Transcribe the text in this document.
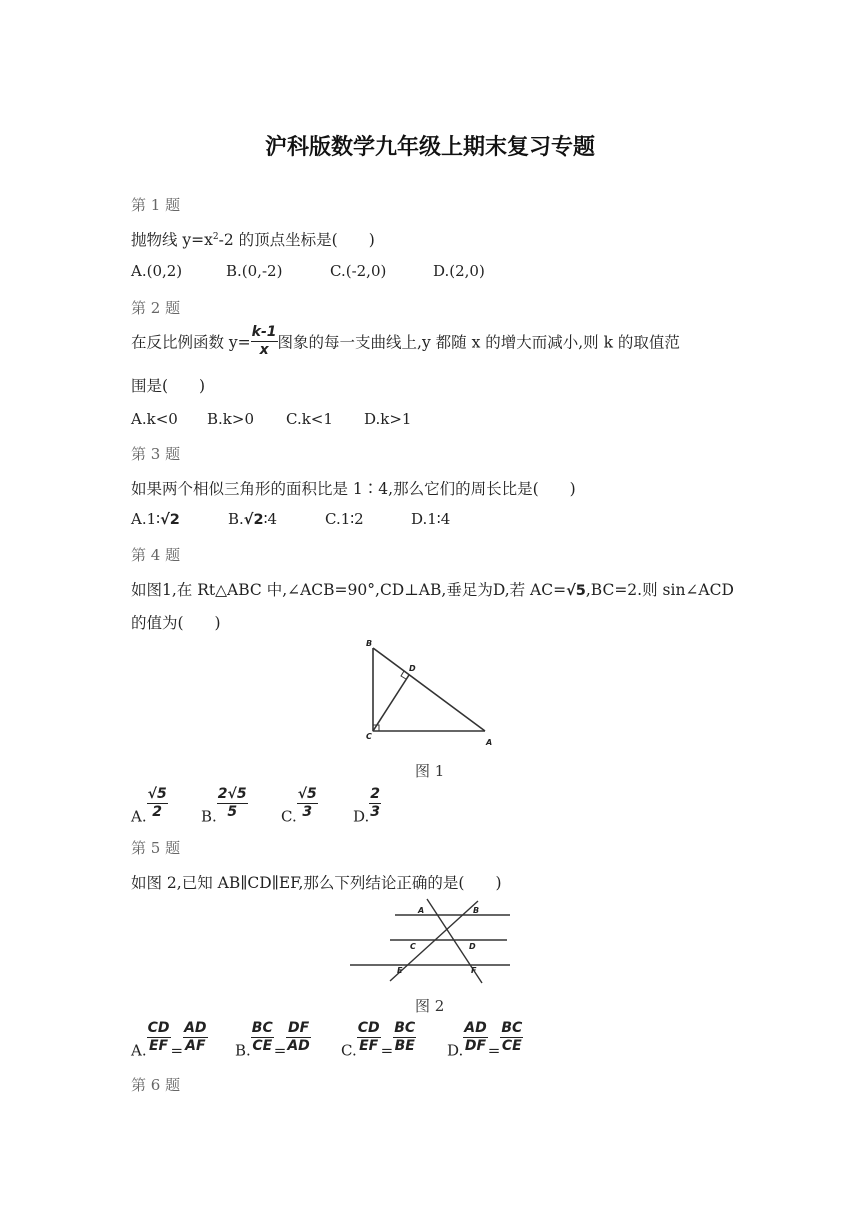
沪科版数学九年级上期末复习专题
第 1 题
抛物线 $y=x^2-2$ 的顶点坐标是(　　)
A.(0,2)	B.(0,-2)	C.(-2,0)	D.(2,0)
第 2 题
在反比例函数 $y= \frac{k-1}{x}$ 图象的每一支曲线上,y 都随 x 的增大而减小,则 k 的取值范
围是(　　)
A.k<0 B.k>0 C.k<1 D.k>1
第 3 题
如果两个相似三角形的面积比是 1∶4,那么它们的周长比是(　　)
A.1∶√2	B.√2∶4	C.1∶2	D.1∶4
第 4 题
如图1,在 Rt△ABC 中,∠ACB=90°,CD⊥AB,垂足为D,若 AC=√5,BC=2.则 sin∠ACD
的值为(　　)
B
D
C
A
图 1
A. $\frac{√5}{2} B$. $\frac{2√5}{5} C$. $\frac{√5}{3} D$. $\frac{2}{3}$
第 5 题
如图 2,已知 AB∥CD∥EF,那么下列结论正确的是(　　)
A	B
C	D
E	F
图 2
A. $\frac{CD}{EF} = \frac{AD}{AF} B$. $\frac{BC}{CE} = \frac{DF}{AD} C$. $\frac{CD}{EF} = \frac{BC}{BE} D$. $\frac{AD}{DF} = \frac{BC}{CE}$
第 6 题
